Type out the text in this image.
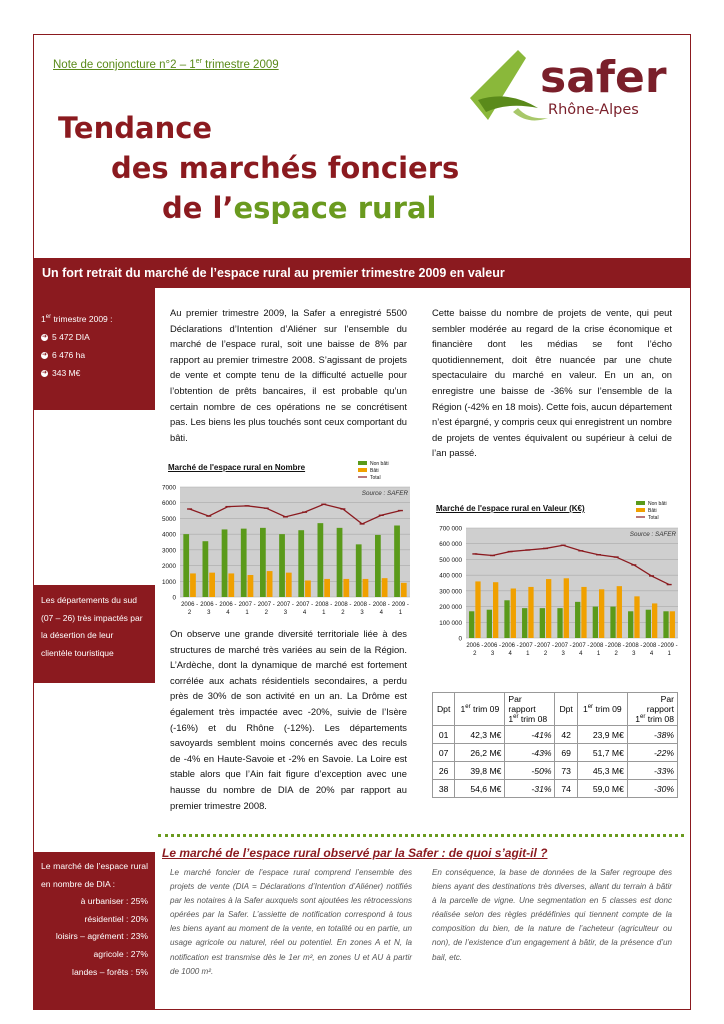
Note de conjoncture n°2 – 1er trimestre 2009
Tendance
des marchés fonciers
de l’espace rural
safer
Rhône-Alpes
Un fort retrait du marché de l’espace rural au premier trimestre 2009 en valeur
1er trimestre 2009 :
➜ 5 472 DIA
➜ 6 476 ha
➜ 343 M€
Les départements du sud
(07 – 26) très impactés par
la désertion de leur
clientèle touristique
Le marché de l’espace rural en nombre de DIA :
à urbaniser : 25%
résidentiel : 20%
loisirs – agrément : 23%
agricole : 27%
landes – forêts : 5%
Au premier trimestre 2009, la Safer a enregistré 5500 Déclarations d’Intention d’Aliéner sur l’ensemble du marché de l’espace rural, soit une baisse de 8% par rapport au premier trimestre 2008. S’agissant de projets de vente et compte tenu de la difficulté actuelle pour l’obtention de prêts bancaires, il est probable qu’un certain nombre de ces opérations ne se concrétisent pas. Les biens les plus touchés sont ceux comportant du bâti.
Marché de l'espace rural en Nombre
0
1000
2000
3000
4000
5000
6000
7000
2006 -
2
2006 -
3
2006 -
4
2007 -
1
2007 -
2
2007 -
3
2007 -
4
2008 -
1
2008 -
2
2008 -
3
2008 -
4
2009 -
1
Source : SAFER
Non bâti
Bâti
Total
On observe une grande diversité territoriale liée à des structures de marché très variées au sein de la Région. L’Ardèche, dont la dynamique de marché est fortement corrélée aux achats résidentiels secondaires, a perdu près de 30% de son activité en un an. La Drôme est également très impactée avec -20%, suivie de l’Isère (-16%) et du Rhône (-12%). Les départements savoyards semblent moins concernés avec des reculs de -4% en Haute-Savoie et -2% en Savoie. La Loire est stable alors que l’Ain fait figure d’exception avec une hausse du nombre de DIA de 20% par rapport au premier trimestre 2008.
Cette baisse du nombre de projets de vente, qui peut sembler modérée au regard de la crise économique et financière dont les médias se font l’écho quotidiennement, doit être nuancée par une chute spectaculaire du marché en valeur. En un an, on enregistre une baisse de -36% sur l’ensemble de la Région (-42% en 18 mois). Cette fois, aucun département n’est épargné, y compris ceux qui enregistrent un nombre de projets de ventes équivalent ou supérieur à celui de l’an passé.
Marché de l'espace rural en Valeur (K€)
0
100 000
200 000
300 000
400 000
500 000
600 000
700 000
2006 -
2
2006 -
3
2006 -
4
2007 -
1
2007 -
2
2007 -
3
2007 -
4
2008 -
1
2008 -
2
2008 -
3
2008 -
4
2009 -
1
Source : SAFER
Non bâti
Bâti
Total
Dpt	1er trim 09	Par
rapport
1er trim 08	Dpt	1er trim 09	Par
rapport
1er trim 08
01	42,3 M€	-41%	42	23,9 M€	-38%
07	26,2 M€	-43%	69	51,7 M€	-22%
26	39,8 M€	-50%	73	45,3 M€	-33%
38	54,6 M€	-31%	74	59,0 M€	-30%
Le marché de l’espace rural observé par la Safer : de quoi s’agit-il ?
Le marché foncier de l’espace rural comprend l’ensemble des projets de vente (DIA = Déclarations d’Intention d’Aliéner) notifiés par les notaires à la Safer auxquels sont ajoutées les rétrocessions opérées par la Safer. L’assiette de notification correspond à tous les biens ayant au moment de la vente, en totalité ou en partie, un usage agricole ou naturel, réel ou potentiel. En zones A et N, la notification est transmise dès le 1er m², en zones U et AU à partir de 1000 m².
En conséquence, la base de données de la Safer regroupe des biens ayant des destinations très diverses, allant du terrain à bâtir à la parcelle de vigne. Une segmentation en 5 classes est donc réalisée selon des règles prédéfinies qui tiennent compte de la composition du bien, de la nature de l’acheteur (agriculteur ou non), de l’existence d’un engagement à bâtir, de la présence d’un bail, etc.
